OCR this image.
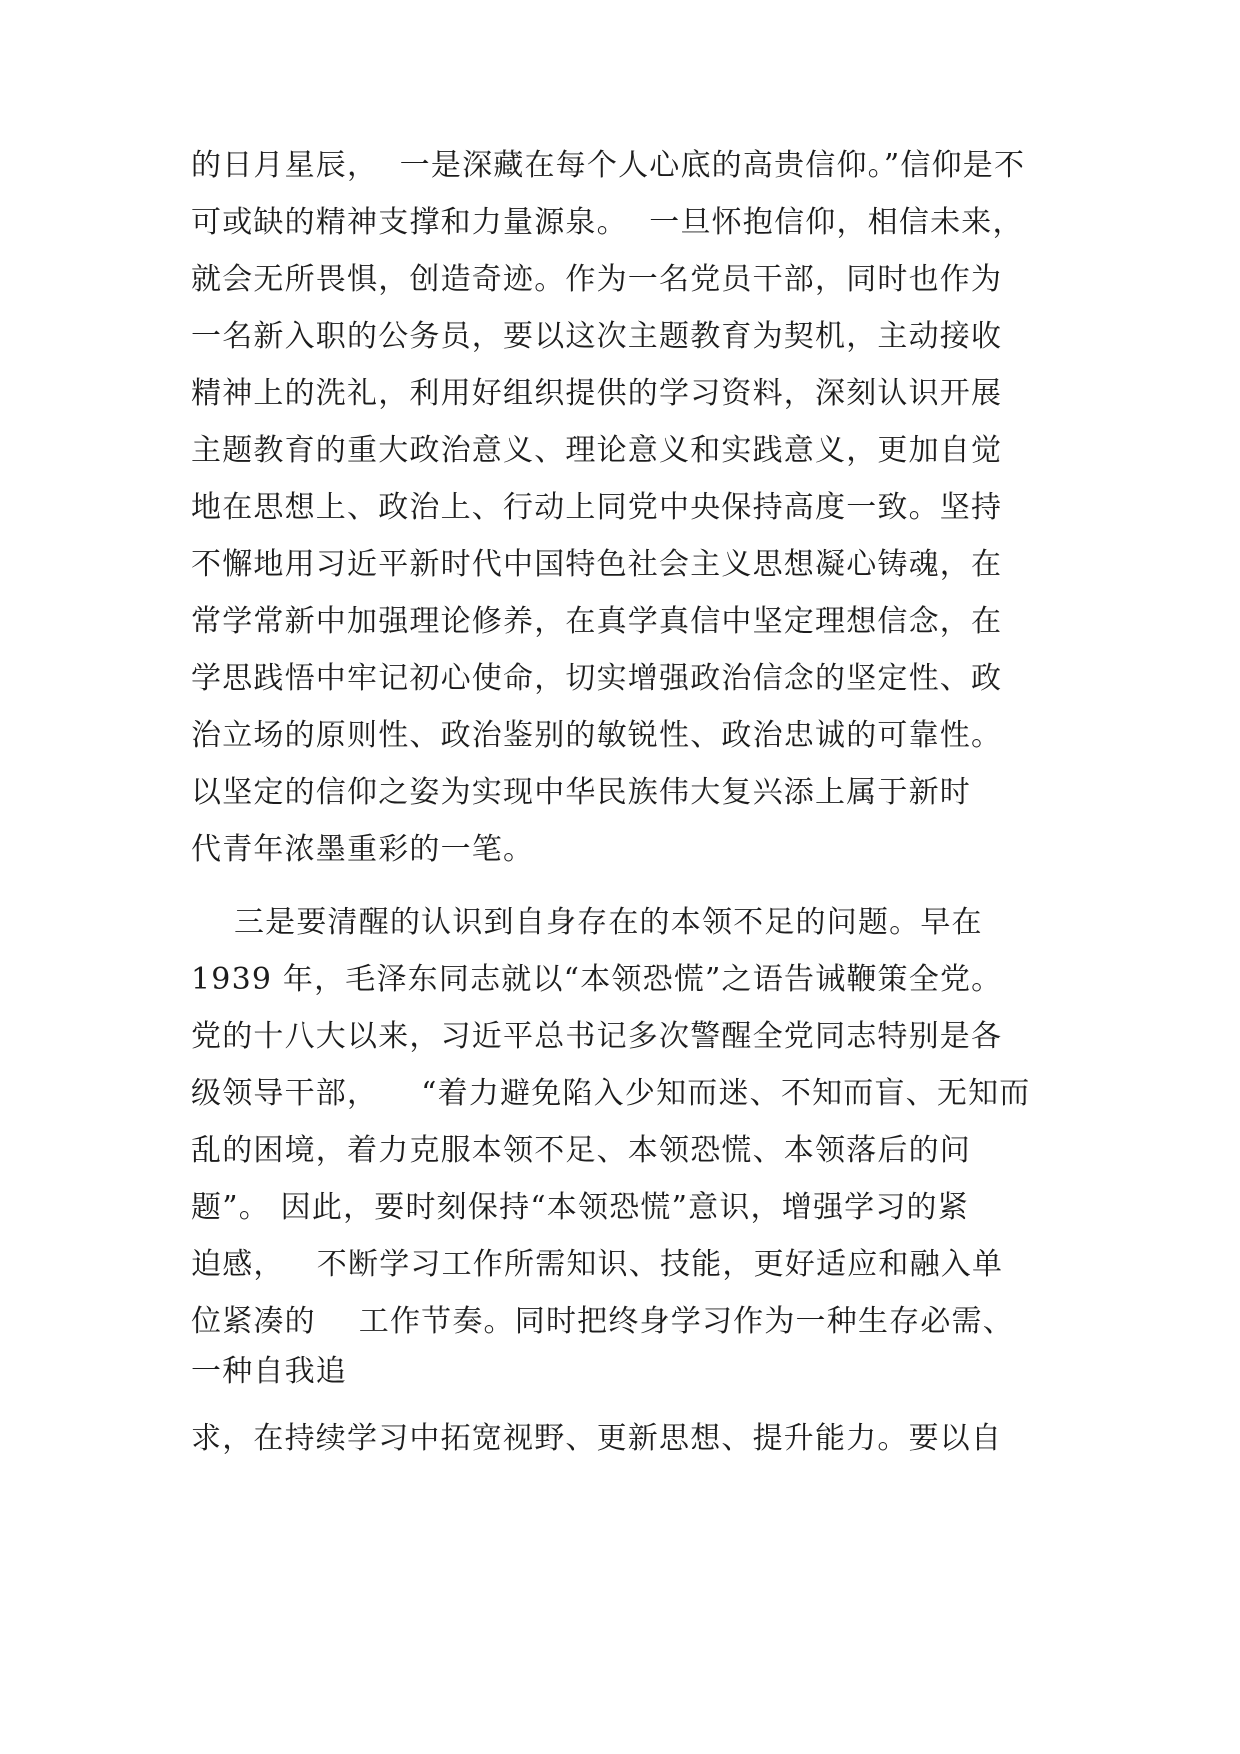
的日月星辰，  一是深藏在每个人心底的高贵信仰。”信仰是不

可或缺的精神支撑和力量源泉。  一旦怀抱信仰，相信未来，

就会无所畏惧，创造奇迹。作为一名党员干部，同时也作为

一名新入职的公务员，要以这次主题教育为契机，主动接收

精神上的洗礼，利用好组织提供的学习资料，深刻认识开展

主题教育的重大政治意义、理论意义和实践意义，更加自觉

地在思想上、政治上、行动上同党中央保持高度一致。坚持

不懈地用习近平新时代中国特色社会主义思想凝心铸魂，在

常学常新中加强理论修养，在真学真信中坚定理想信念，在

学思践悟中牢记初心使命，切实增强政治信念的坚定性、政

治立场的原则性、政治鉴别的敏锐性、政治忠诚的可靠性。

以坚定的信仰之姿为实现中华民族伟大复兴添上属于新时

代青年浓墨重彩的一笔。

三是要清醒的认识到自身存在的本领不足的问题。早在

1939 年，毛泽东同志就以“本领恐慌”之语告诫鞭策全党。

党的十八大以来，习近平总书记多次警醒全党同志特别是各

级领导干部，    “着力避免陷入少知而迷、不知而盲、无知而

乱的困境，着力克服本领不足、本领恐慌、本领落后的问

题”。 因此，要时刻保持“本领恐慌”意识，增强学习的紧

迫感，   不断学习工作所需知识、技能，更好适应和融入单

位紧凑的    工作节奏。同时把终身学习作为一种生存必需、

一种自我追

求，在持续学习中拓宽视野、更新思想、提升能力。要以自
